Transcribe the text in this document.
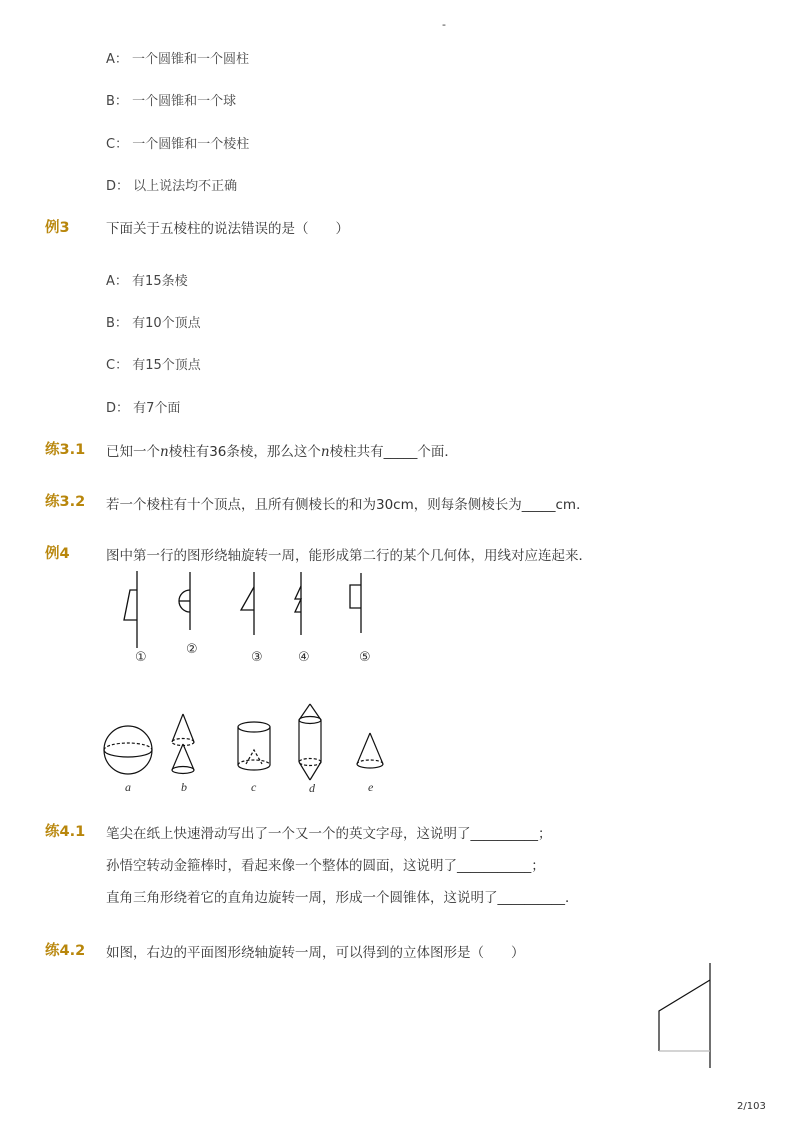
-
A： 一个圆锥和一个圆柱
B： 一个圆锥和一个球
C： 一个圆锥和一个棱柱
D： 以上说法均不正确
例3	下面关于五棱柱的说法错误的是（　　）
A： 有15条棱
B： 有10个顶点
C： 有15个顶点
D： 有7个面
练3.1 已知一个n棱柱有36条棱，那么这个n棱柱共有_____个面．
练3.2 若一个棱柱有十个顶点，且所有侧棱长的和为30cm，则每条侧棱长为_____cm．
例4	图中第一行的图形绕轴旋转一周，能形成第二行的某个几何体，用线对应连起来．
①
②
③	④	⑤
a	b	c	d	e
练4.1 笔尖在纸上快速滑动写出了一个又一个的英文字母，这说明了__________；
孙悟空转动金箍棒时，看起来像一个整体的圆面，这说明了___________；
直角三角形绕着它的直角边旋转一周，形成一个圆锥体，这说明了__________．
练4.2 如图，右边的平面图形绕轴旋转一周，可以得到的立体图形是（　　）
2/103
